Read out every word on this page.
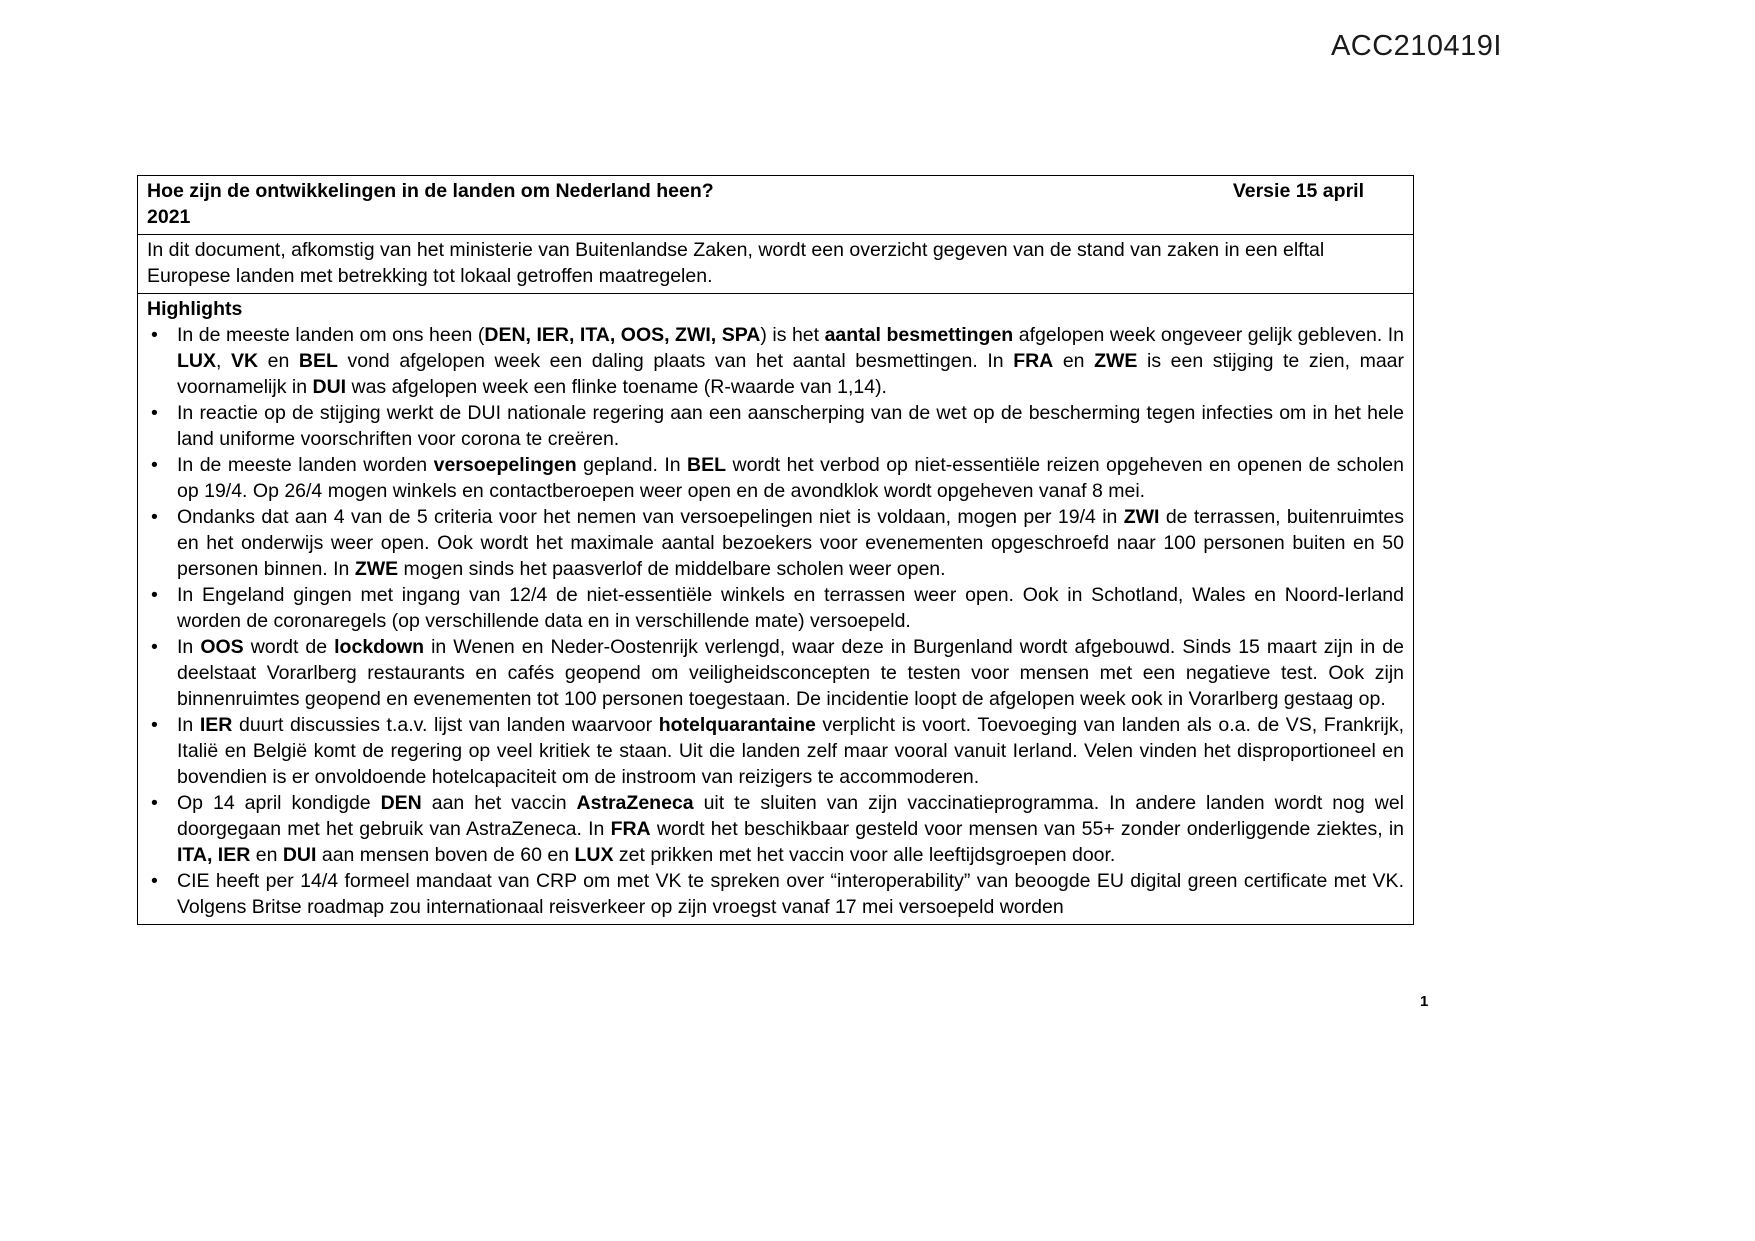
ACC210419I
Hoe zijn de ontwikkelingen in de landen om Nederland heen?	Versie 15 april
2021

In dit document, afkomstig van het ministerie van Buitenlandse Zaken, wordt een overzicht gegeven van de stand van zaken in een elftal Europese landen met betrekking tot lokaal getroffen maatregelen.

Highlights
• In de meeste landen om ons heen (DEN, IER, ITA, OOS, ZWI, SPA) is het aantal besmettingen afgelopen week ongeveer gelijk gebleven. In LUX, VK en BEL vond afgelopen week een daling plaats van het aantal besmettingen. In FRA en ZWE is een stijging te zien, maar voornamelijk in DUI was afgelopen week een flinke toename (R-waarde van 1,14).
• In reactie op de stijging werkt de DUI nationale regering aan een aanscherping van de wet op de bescherming tegen infecties om in het hele land uniforme voorschriften voor corona te creëren.
• In de meeste landen worden versoepelingen gepland. In BEL wordt het verbod op niet-essentiële reizen opgeheven en openen de scholen op 19/4. Op 26/4 mogen winkels en contactberoepen weer open en de avondklok wordt opgeheven vanaf 8 mei.
• Ondanks dat aan 4 van de 5 criteria voor het nemen van versoepelingen niet is voldaan, mogen per 19/4 in ZWI de terrassen, buitenruimtes en het onderwijs weer open. Ook wordt het maximale aantal bezoekers voor evenementen opgeschroefd naar 100 personen buiten en 50 personen binnen. In ZWE mogen sinds het paasverlof de middelbare scholen weer open.
• In Engeland gingen met ingang van 12/4 de niet-essentiële winkels en terrassen weer open. Ook in Schotland, Wales en Noord-Ierland worden de coronaregels (op verschillende data en in verschillende mate) versoepeld.
• In OOS wordt de lockdown in Wenen en Neder-Oostenrijk verlengd, waar deze in Burgenland wordt afgebouwd. Sinds 15 maart zijn in de deelstaat Vorarlberg restaurants en cafés geopend om veiligheidsconcepten te testen voor mensen met een negatieve test. Ook zijn binnenruimtes geopend en evenementen tot 100 personen toegestaan. De incidentie loopt de afgelopen week ook in Vorarlberg gestaag op.
• In IER duurt discussies t.a.v. lijst van landen waarvoor hotelquarantaine verplicht is voort. Toevoeging van landen als o.a. de VS, Frankrijk, Italië en België komt de regering op veel kritiek te staan. Uit die landen zelf maar vooral vanuit Ierland. Velen vinden het disproportioneel en bovendien is er onvoldoende hotelcapaciteit om de instroom van reizigers te accommoderen.
• Op 14 april kondigde DEN aan het vaccin AstraZeneca uit te sluiten van zijn vaccinatieprogramma. In andere landen wordt nog wel doorgegaan met het gebruik van AstraZeneca. In FRA wordt het beschikbaar gesteld voor mensen van 55+ zonder onderliggende ziektes, in ITA, IER en DUI aan mensen boven de 60 en LUX zet prikken met het vaccin voor alle leeftijdsgroepen door.
• CIE heeft per 14/4 formeel mandaat van CRP om met VK te spreken over “interoperability” van beoogde EU digital green certificate met VK. Volgens Britse roadmap zou internationaal reisverkeer op zijn vroegst vanaf 17 mei versoepeld worden
1
